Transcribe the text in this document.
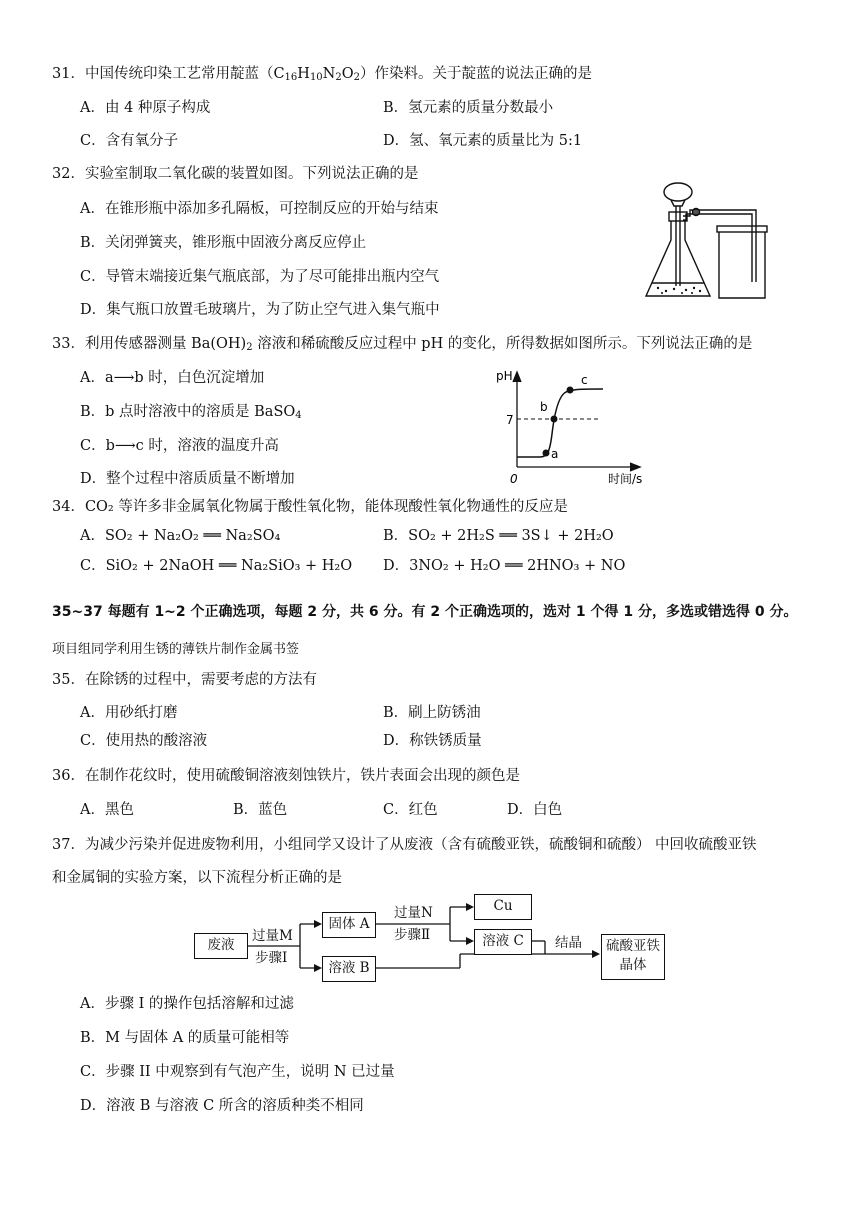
31．中国传统印染工艺常用靛蓝$(C_{16}H_{10}N_2O_2)$作染料。关于靛蓝的说法正确的是
A．由 4 种原子构成	B．氢元素的质量分数最小
C．含有氧分子	D．氢、氧元素的质量比为 5:1
32．实验室制取二氧化碳的装置如图。下列说法正确的是
A．在锥形瓶中添加多孔隔板，可控制反应的开始与结束
B．关闭弹簧夹，锥形瓶中固液分离反应停止
C．导管末端接近集气瓶底部，为了尽可能排出瓶内空气
D．集气瓶口放置毛玻璃片，为了防止空气进入集气瓶中
33．利用传感器测量 $Ba(OH)_2$ 溶液和稀硫酸反应过程中 pH 的变化，所得数据如图所示。下列说法正确的是
A．a⟶b 时，白色沉淀增加
B．b 点时溶液中的溶质是 BaSO$_4$
C．b⟶c 时，溶液的温度升高
D．整个过程中溶质质量不断增加
pH
7
0	时间/s
a
b
c
34．CO₂ 等许多非金属氧化物属于酸性氧化物，能体现酸性氧化物通性的反应是
A．SO₂ + Na₂O₂ ══ Na₂SO₄	B．SO₂ + 2H₂S ══ 3S↓ + 2H₂O
C．SiO₂ + 2NaOH ══ Na₂SiO₃ + H₂O D．3NO₂ + H₂O ══ 2HNO₃ + NO
35~37 每题有 1~2 个正确选项，每题 2 分，共 6 分。有 2 个正确选项的，选对 1 个得 1 分，多选或错选得 0 分。
项目组同学利用生锈的薄铁片制作金属书签
35．在除锈的过程中，需要考虑的方法有
A．用砂纸打磨	B．刷上防锈油
C．使用热的酸溶液	D．称铁锈质量
36．在制作花纹时，使用硫酸铜溶液刻蚀铁片，铁片表面会出现的颜色是
A．黑色	B．蓝色	C．红色	D．白色
37．为减少污染并促进废物利用，小组同学又设计了从废液（含有硫酸亚铁，硫酸铜和硫酸） 中回收硫酸亚铁
和金属铜的实验方案，以下流程分析正确的是
废液
固体 A
溶液 B
Cu
溶液 C	硫酸亚铁
晶体
过量M
步骤Ⅰ
过量N
步骤Ⅱ	结晶
A．步骤 I 的操作包括溶解和过滤
B．M 与固体 A 的质量可能相等
C．步骤 II 中观察到有气泡产生，说明 N 已过量
D．溶液 B 与溶液 C 所含的溶质种类不相同
